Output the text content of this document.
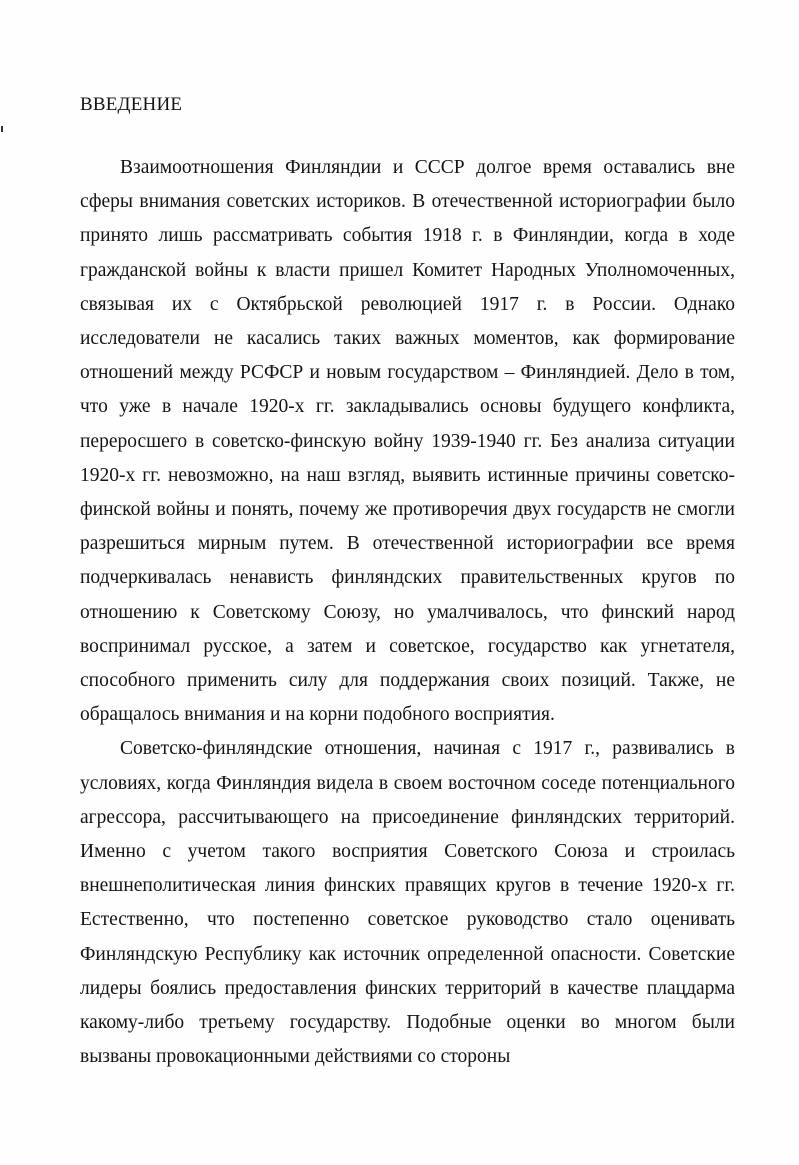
ВВЕДЕНИЕ

Взаимоотношения Финляндии и СССР долгое время оставались вне сферы внимания советских историков. В отечественной историографии было принято лишь рассматривать события 1918 г. в Финляндии, когда в ходе гражданской войны к власти пришел Комитет Народных Уполномоченных, связывая их с Октябрьской революцией 1917 г. в России. Однако исследователи не касались таких важных моментов, как формирование отношений между РСФСР и новым государством – Финляндией. Дело в том, что уже в начале 1920-х гг. закладывались основы будущего конфликта, переросшего в советско-финскую войну 1939-1940 гг. Без анализа ситуации 1920-х гг. невозможно, на наш взгляд, выявить истинные причины советско-финской войны и понять, почему же противоречия двух государств не смогли разрешиться мирным путем. В отечественной историографии все время подчеркивалась ненависть финляндских правительственных кругов по отношению к Советскому Союзу, но умалчивалось, что финский народ воспринимал русское, а затем и советское, государство как угнетателя, способного применить силу для поддержания своих позиций. Также, не обращалось внимания и на корни подобного восприятия.

Советско-финляндские отношения, начиная с 1917 г., развивались в условиях, когда Финляндия видела в своем восточном соседе потенциального агрессора, рассчитывающего на присоединение финляндских территорий. Именно с учетом такого восприятия Советского Союза и строилась внешнеполитическая линия финских правящих кругов в течение 1920-х гг. Естественно, что постепенно советское руководство стало оценивать Финляндскую Республику как источник определенной опасности. Советские лидеры боялись предоставления финских территорий в качестве плацдарма какому-либо третьему государству. Подобные оценки во многом были вызваны провокационными действиями со стороны
